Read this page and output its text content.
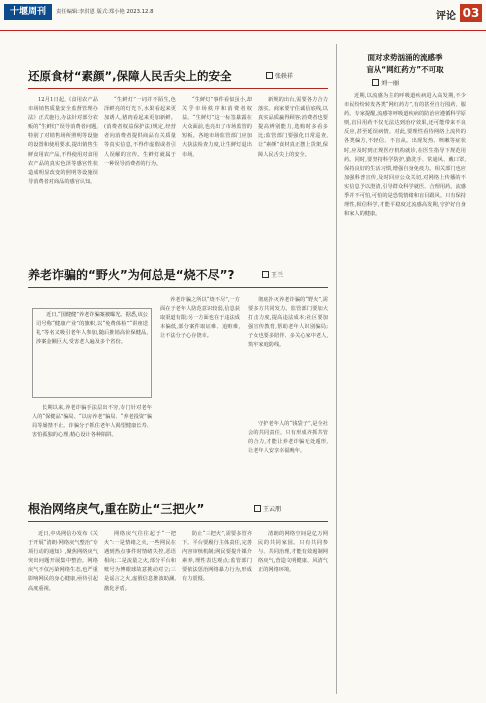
十堰周刊	责任编辑:李洪恩 版式:郑小艳 2023.12.8	评论 03
还原食材“素颜”,保障人民舌尖上的安全	张轶祥
12月1日起,《食用农产品市场销售质量安全监督管理办法》正式施行,办法针对部分农贩的“生鲜灯”误导消费者问题,特别了对销售场所照明等设施的设置和使用要求,提出销售生鲜食用农产品,不得使用对食用农产品的真实色泽等感官性状造成明显改变的照明等设施误导消费者对商品的感官认知。
“生鲜灯”一词并不陌生,色泽鲜亮的灯光下,水果看起来更加诱人,猪肉看起来更加新鲜。(消费者权益保护法)规定,经营者向消费者提供商品有关质量等真实信息,不得作虚假或者引人误解的宣传。生鲜灯就属于一种误导消费者的行为。
“生鲜灯”事件看似虽小,却关乎市场秩序和消费者权益。“生鲜灯”这一标签暴露在大众面前,也亮出了市场监管的短板。各地市场监管部门应加大执法检查力度,让生鲜灯退出市场。
新规的出台,需要各方合力落实。商家要守住诚信底线,以真实品质赢得顾客;消费者也要提高辨别能力,选购时多看多比;监管部门要强化日常巡查,让“素颜”食材真正摆上货架,保障人民舌尖上的安全。
面对求势汹涌的流感季
盲从“网红药方”不可取
刘一丽
近期,以流感为主的呼吸道疾病进入高发期,不少市民纷纷转发各类“网红药方”,有的甚至自行囤药、服药。专家提醒,流感等呼吸道疾病的防治应遵循科学原则,盲目用药不仅无法达到治疗效果,还可能带来不良反应,甚至延误病情。对此,要理性看待网络上流传的各类偏方,不轻信、不盲从。出现发热、咳嗽等症状时,应及时到正规医疗机构就诊,在医生指导下规范用药。同时,要坚持科学防护,勤洗手、常通风、戴口罩,保持良好的生活习惯,增强自身免疫力。相关部门也应加强科普宣传,及时回应公众关切,对网络上传播的不实信息予以澄清,引导群众科学就医、合理用药。流感季并不可怕,可怕的是恐慌情绪和盲目跟风。只有保持理性,相信科学,才能平稳度过流感高发期,守护好自身和家人的健康。
养老诈骗的“野火”为何总是“烧不尽”?	王兰
近日,“国健健”养老诈骗案被曝光。据悉,该公司号称“健康产业”的旗帜,以“免费体检”“讲座送礼”等名义吸引老年人参加,随后推销高价保健品,涉案金额巨大,受害老人遍及多个省份。
长期以来,养老诈骗手法层出不穷,专门针对老年人的“保健品”骗局、“以房养老”骗局、“养老投资”骗局等屡禁不止。诈骗分子抓住老年人渴望健康长寿、害怕孤独的心理,精心设计各种陷阱。
养老诈骗之所以“烧不尽”,一方面在于老年人防范意识较弱,信息获取渠道有限;另一方面也在于违法成本偏低,部分案件取证难、追赃难,让不法分子心存侥幸。
彻底扑灭养老诈骗的“野火”,需要多方共同发力。监管部门要加大打击力度,提高违法成本;社区要加强宣传教育,帮助老年人识别骗局;子女也要多陪伴、多关心家中老人,筑牢家庭防线。
守护老年人的“钱袋子”,是全社会的共同责任。只有形成齐抓共管的合力,才能让养老诈骗无处遁形,让老年人安享幸福晚年。
根治网络戾气,重在防止“三把火”	王云朋
近日,中央网信办发布《关于开展“清朗·网络戾气整治”专项行动的通知》,聚焦网络戾气突出问题开展集中整治。网络戾气不仅污染网络生态,也严重影响网民的身心健康,亟待引起高度重视。
网络戾气往往起于“一把火”:一是情绪之火,一些网民在遇到热点事件时情绪失控,恶语相向;二是流量之火,部分平台和账号为博眼球故意挑动对立;三是谣言之火,虚假信息推波助澜,激化矛盾。
防止“三把火”,需要多管齐下。平台要履行主体责任,完善内容审核机制;网民要提升媒介素养,理性表达观点;监管部门要依法惩治网络暴力行为,形成有力震慑。
清朗的网络空间是亿万网民的共同家园。只有共同参与、共同治理,才能有效遏制网络戾气,营造文明健康、风清气正的网络环境。
